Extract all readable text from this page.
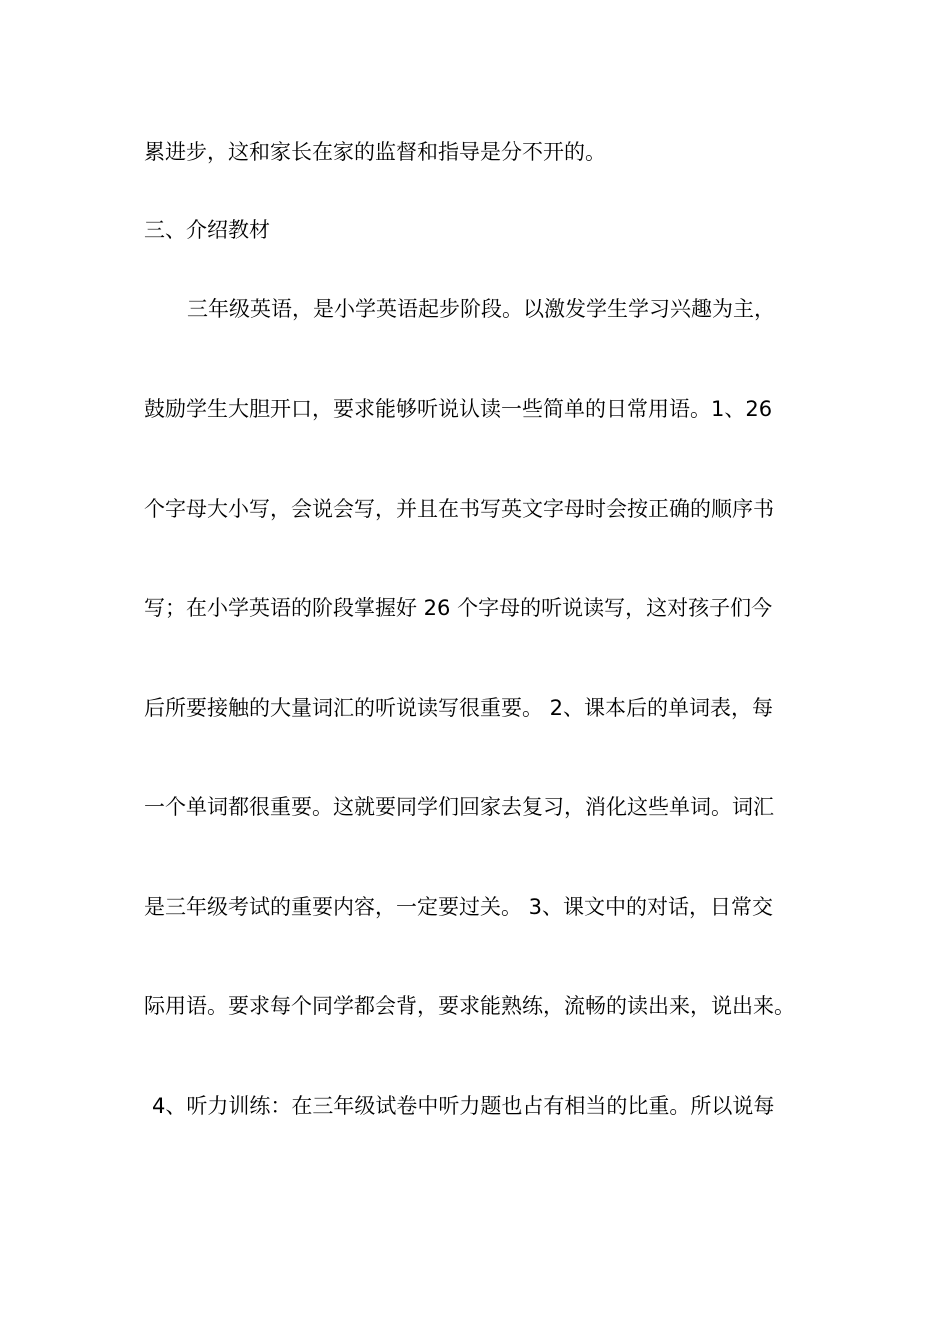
累进步，这和家长在家的监督和指导是分不开的。
三、介绍教材
三年级英语，是小学英语起步阶段。以激发学生学习兴趣为主，
鼓励学生大胆开口，要求能够听说认读一些简单的日常用语。1、26
个字母大小写，会说会写，并且在书写英文字母时会按正确的顺序书
写；在小学英语的阶段掌握好 26 个字母的听说读写，这对孩子们今
后所要接触的大量词汇的听说读写很重要。 2、课本后的单词表，每
一个单词都很重要。这就要同学们回家去复习，消化这些单词。词汇
是三年级考试的重要内容，一定要过关。 3、课文中的对话，日常交
际用语。要求每个同学都会背，要求能熟练，流畅的读出来，说出来。
4、听力训练：在三年级试卷中听力题也占有相当的比重。所以说每
